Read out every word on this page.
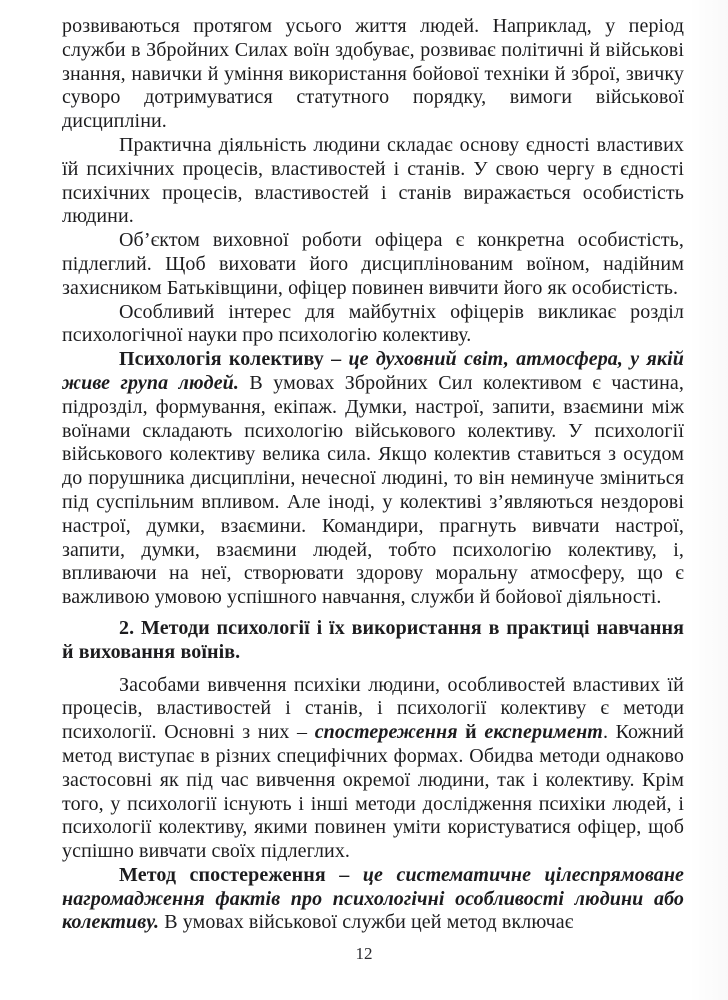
розвиваються протягом усього життя людей. Наприклад, у період служби в Збройних Силах воїн здобуває, розвиває політичні й військові знання, навички й уміння використання бойової техніки й зброї, звичку суворо дотримуватися статутного порядку, вимоги військової дисципліни.

Практична діяльність людини складає основу єдності властивих їй психічних процесів, властивостей і станів. У свою чергу в єдності психічних процесів, властивостей і станів виражається особистість людини.

Об’єктом виховної роботи офіцера є конкретна особистість, підлеглий. Щоб виховати його дисциплінованим воїном, надійним захисником Батьківщини, офіцер повинен вивчити його як особистість.

Особливий інтерес для майбутніх офіцерів викликає розділ психологічної науки про психологію колективу.

Психологія колективу – це духовний світ, атмосфера, у якій живе група людей. В умовах Збройних Сил колективом є частина, підрозділ, формування, екіпаж. Думки, настрої, запити, взаємини між воїнами складають психологію військового колективу. У психології військового колективу велика сила. Якщо колектив ставиться з осудом до порушника дисципліни, нечесної людині, то він неминуче зміниться під суспільним впливом. Але іноді, у колективі з’являються нездорові настрої, думки, взаємини. Командири, прагнуть вивчати настрої, запити, думки, взаємини людей, тобто психологію колективу, і, впливаючи на неї, створювати здорову моральну атмосферу, що є важливою умовою успішного навчання, служби й бойової діяльності.

2. Методи психології і їх використання в практиці навчання й виховання воїнів.

Засобами вивчення психіки людини, особливостей властивих їй процесів, властивостей і станів, і психології колективу є методи психології. Основні з них – спостереження й експеримент. Кожний метод виступає в різних специфічних формах. Обидва методи однаково застосовні як під час вивчення окремої людини, так і колективу. Крім того, у психології існують і інші методи дослідження психіки людей, і психології колективу, якими повинен уміти користуватися офіцер, щоб успішно вивчати своїх підлеглих.

Метод спостереження – це систематичне цілеспрямоване нагромадження фактів про психологічні особливості людини або колективу. В умовах військової служби цей метод включає

12
